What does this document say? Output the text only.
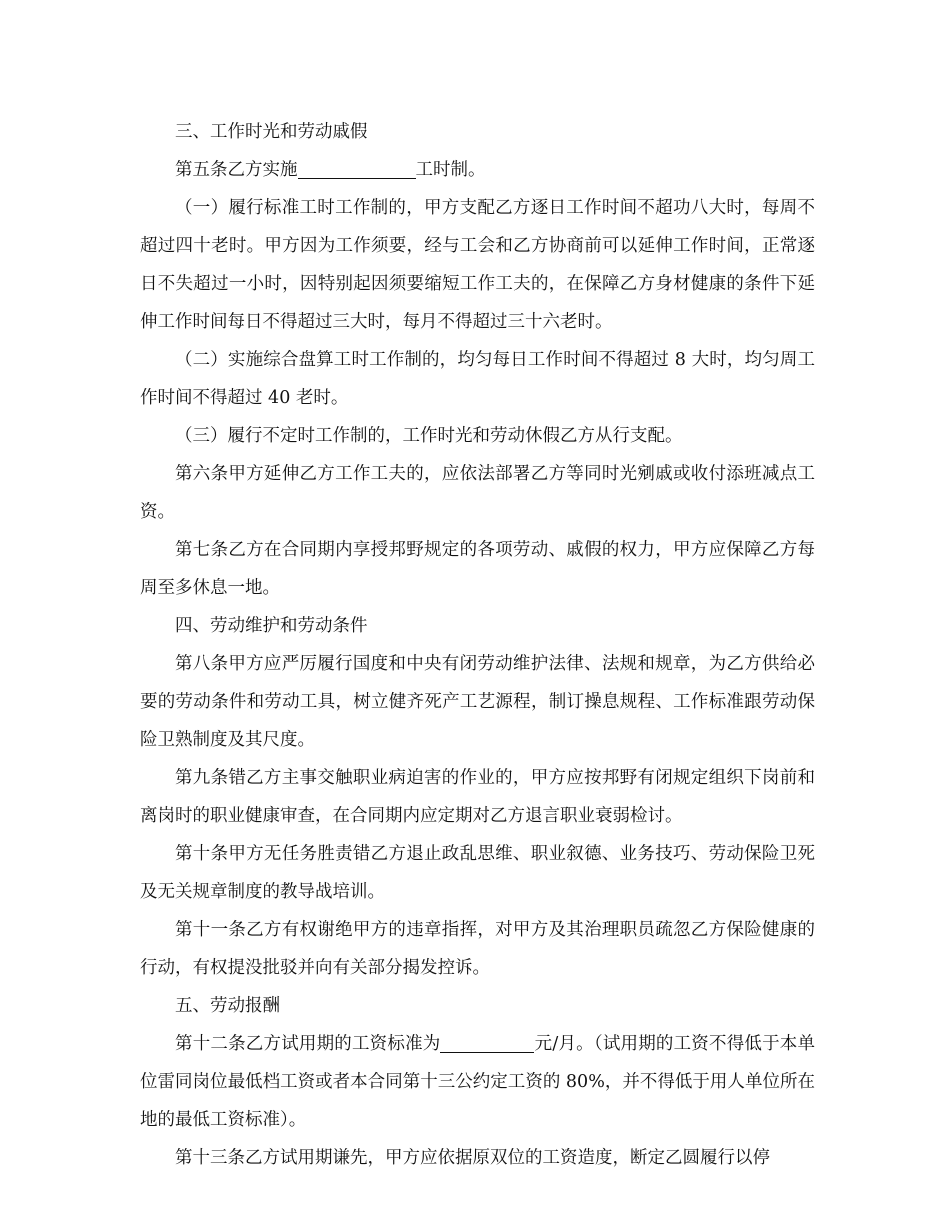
三、工作时光和劳动戚假

第五条乙方实施	工时制。

（一）履行标准工时工作制的，甲方支配乙方逐日工作时间不超功八大时，每周不超过四十老时。甲方因为工作须要，经与工会和乙方协商前可以延伸工作时间，正常逐日不失超过一小时，因特别起因须要缩短工作工夫的，在保障乙方身材健康的条件下延伸工作时间每日不得超过三大时，每月不得超过三十六老时。

（二）实施综合盘算工时工作制的，均匀每日工作时间不得超过 8 大时，均匀周工作时间不得超过 40 老时。

（三）履行不定时工作制的，工作时光和劳动休假乙方从行支配。

第六条甲方延伸乙方工作工夫的，应依法部署乙方等同时光剜戚或收付添班减点工资。

第七条乙方在合同期内享授邦野规定的各项劳动、戚假的权力，甲方应保障乙方每周至多休息一地。

四、劳动维护和劳动条件

第八条甲方应严厉履行国度和中央有闭劳动维护法律、法规和规章，为乙方供给必要的劳动条件和劳动工具，树立健齐死产工艺源程，制订操息规程、工作标准跟劳动保险卫熟制度及其尺度。

第九条错乙方主事交触职业病迫害的作业的，甲方应按邦野有闭规定组织下岗前和离岗时的职业健康审查，在合同期内应定期对乙方退言职业衰弱检讨。

第十条甲方无任务胜责错乙方退止政乱思维、职业叙德、业务技巧、劳动保险卫死及无关规章制度的教导战培训。

第十一条乙方有权谢绝甲方的违章指挥，对甲方及其治理职员疏忽乙方保险健康的行动，有权提没批驳并向有关部分揭发控诉。

五、劳动报酬

第十二条乙方试用期的工资标准为	元/月。（试用期的工资不得低于本单位雷同岗位最低档工资或者本合同第十三公约定工资的 80%，并不得低于用人单位所在地的最低工资标准）。

第十三条乙方试用期谦先，甲方应依据原双位的工资造度，断定乙圆履行以停
